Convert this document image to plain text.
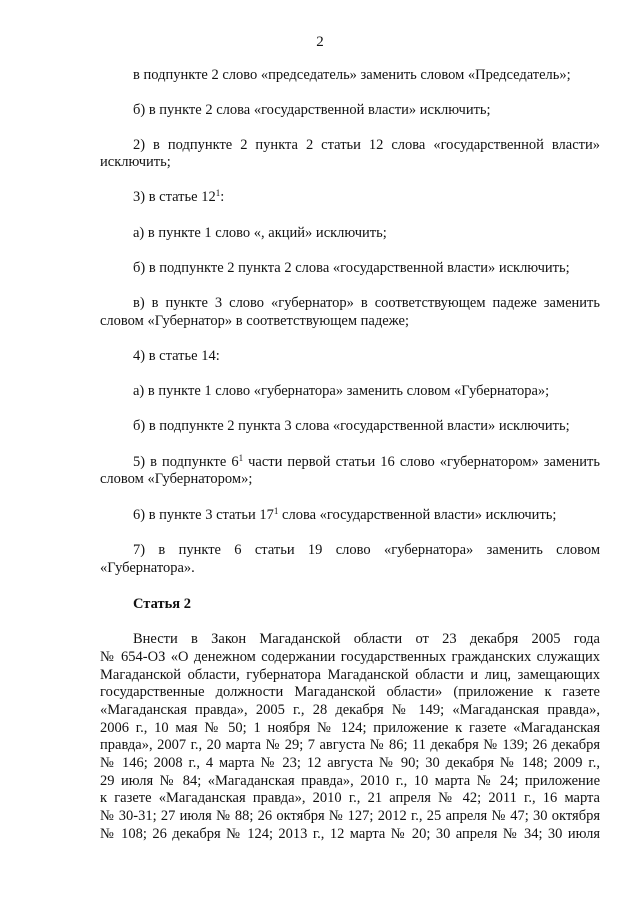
2
в подпункте 2 слово «председатель» заменить словом «Председатель»;
б) в пункте 2 слова «государственной власти» исключить;
2) в подпункте 2 пункта 2 статьи 12 слова «государственной власти»
исключить;
3) в статье $12^1$:
а) в пункте 1 слово «, акций» исключить;
б) в подпункте 2 пункта 2 слова «государственной власти» исключить;
в) в пункте 3 слово «губернатор» в соответствующем падеже заменить
словом «Губернатор» в соответствующем падеже;
4) в статье 14:
а) в пункте 1 слово «губернатора» заменить словом «Губернатора»;
б) в подпункте 2 пункта 3 слова «государственной власти» исключить;
5) в подпункте $6^1$ части первой статьи 16 слово «губернатором» заменить
словом «Губернатором»;
6) в пункте 3 статьи $17^1$ слова «государственной власти» исключить;
7) в пункте 6 статьи 19 слово «губернатора» заменить словом
«Губернатора».
Статья 2
Внести в Закон Магаданской области от 23 декабря 2005 года
№ 654-ОЗ «О денежном содержании государственных гражданских служащих
Магаданской области, губернатора Магаданской области и лиц, замещающих
государственные должности Магаданской области» (приложение к газете
«Магаданская правда», 2005 г., 28 декабря № 149; «Магаданская правда»,
2006 г., 10 мая № 50; 1 ноября № 124; приложение к газете «Магаданская
правда», 2007 г., 20 марта № 29; 7 августа № 86; 11 декабря № 139; 26 декабря
№ 146; 2008 г., 4 марта № 23; 12 августа № 90; 30 декабря № 148; 2009 г.,
29 июля № 84; «Магаданская правда», 2010 г., 10 марта № 24; приложение
к газете «Магаданская правда», 2010 г., 21 апреля № 42; 2011 г., 16 марта
№ 30-31; 27 июля № 88; 26 октября № 127; 2012 г., 25 апреля № 47; 30 октября
№ 108; 26 декабря № 124; 2013 г., 12 марта № 20; 30 апреля № 34; 30 июля
